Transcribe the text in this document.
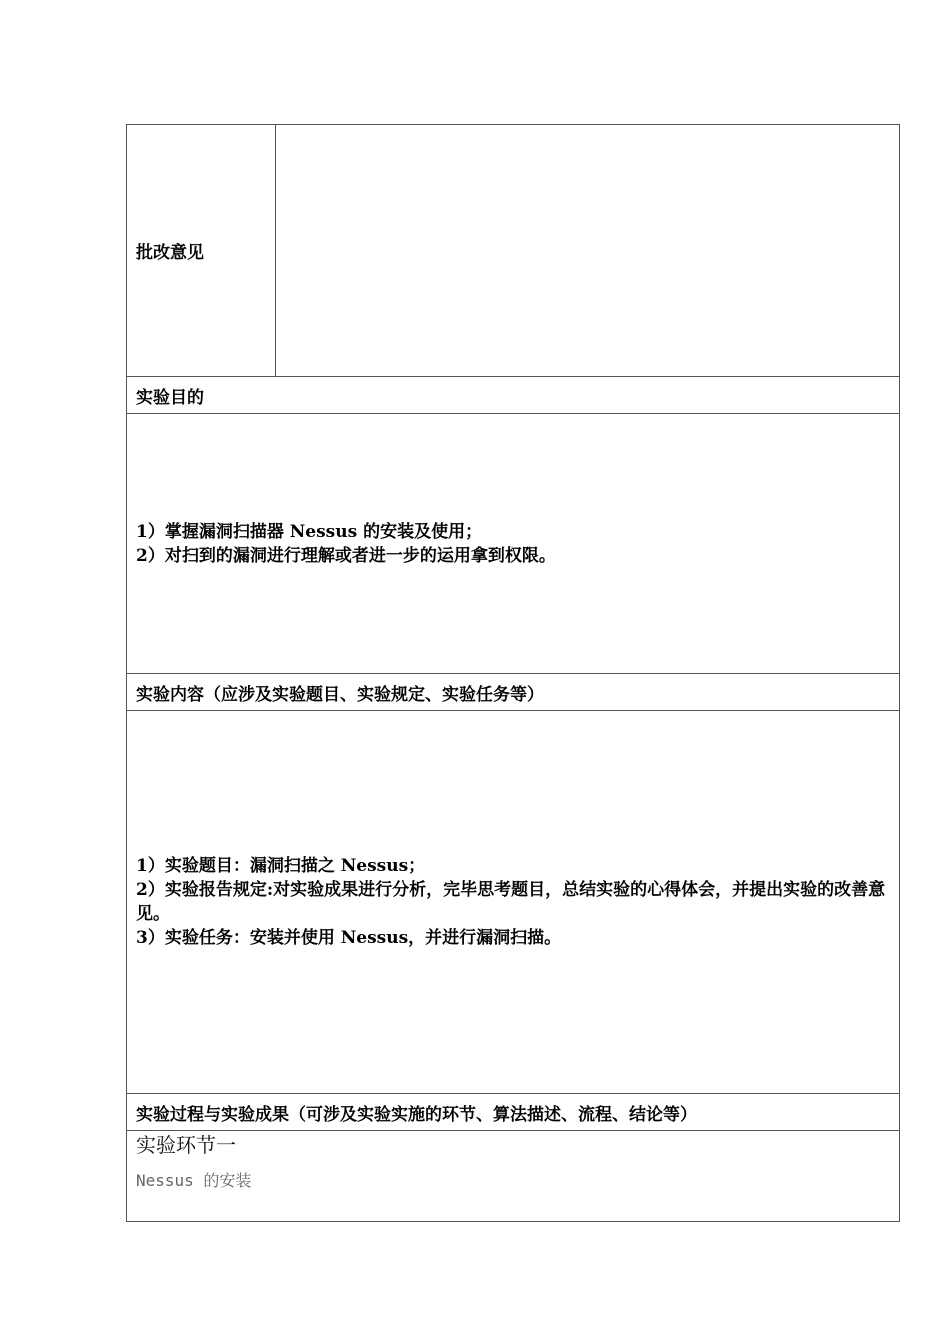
批改意见
实验目的

1）掌握漏洞扫描器 Nessus 的安装及使用；

2）对扫到的漏洞进行理解或者进一步的运用拿到权限。

实验内容（应涉及实验题目、实验规定、实验任务等）

1）实验题目：漏洞扫描之 Nessus；

2）实验报告规定:对实验成果进行分析，完毕思考题目，总结实验的心得体会，并提出实验的改善意见。

3）实验任务：安装并使用 Nessus，并进行漏洞扫描。

实验过程与实验成果（可涉及实验实施的环节、算法描述、流程、结论等）
实验环节一
Nessus 的安装
